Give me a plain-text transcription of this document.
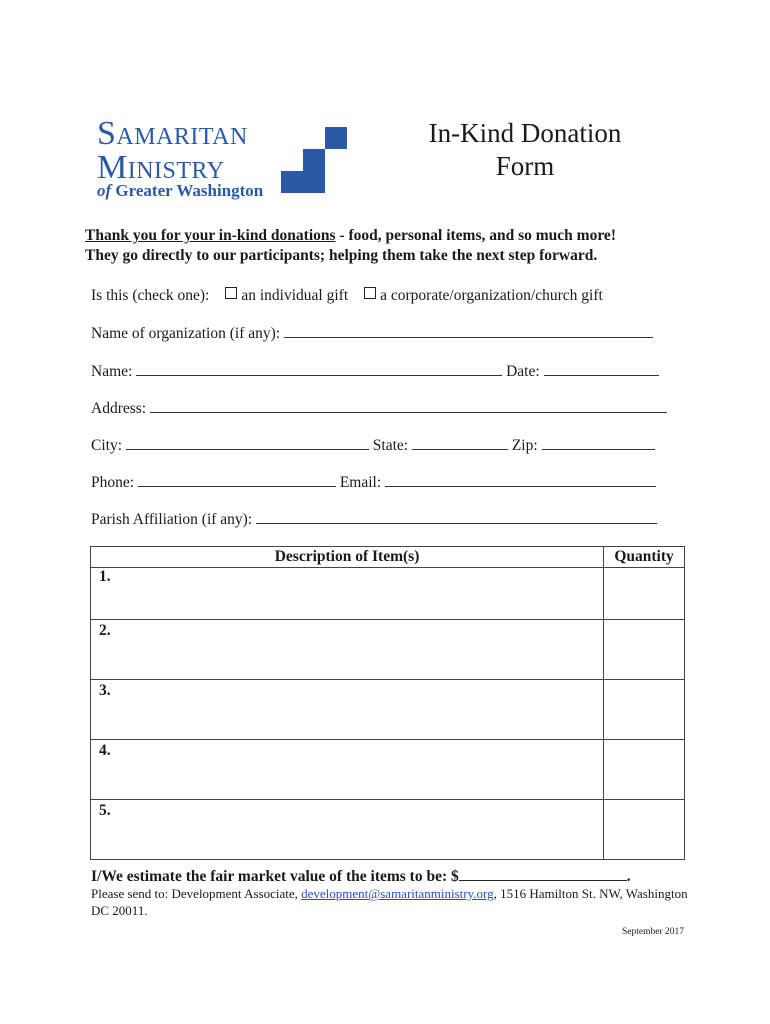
Samaritan
Ministry
of Greater Washington
In-Kind Donation
Form
Thank you for your in-kind donations - food, personal items, and so much more!
They go directly to our participants; helping them take the next step forward.
Is this (check one): an individual gift a corporate/organization/church gift
Name of organization (if any):
Name:	Date:
Address:
City:	State:	Zip:
Phone:	Email:
Parish Affiliation (if any):
Description of Item(s)	Quantity
1.	
2.	
3.	
4.	
5.	
I/We estimate the fair market value of the items to be: $	.
Please send to: Development Associate, development@samaritanministry.org, 1516 Hamilton St. NW, Washington DC 20011.
September 2017
